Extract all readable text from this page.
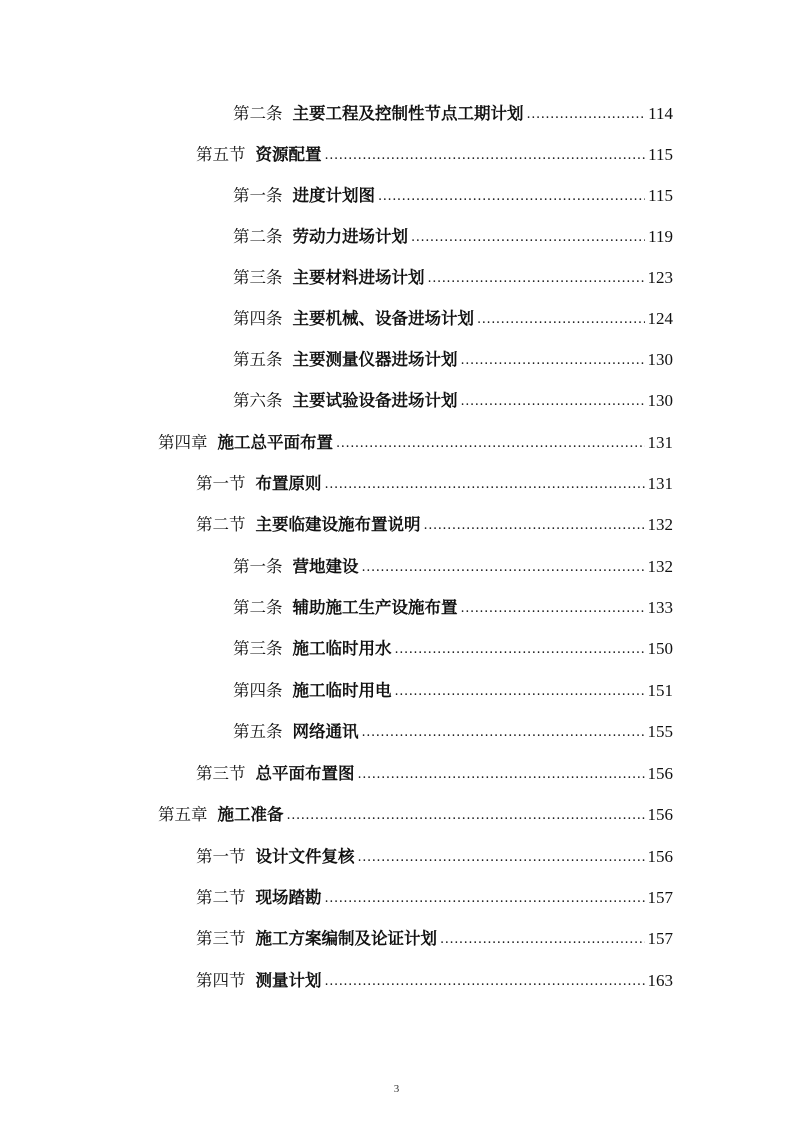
第二条 主要工程及控制性节点工期计划 .....	114
第五节 资源配置 .....	115
第一条 进度计划图 .....	115
第二条 劳动力进场计划 .....	119
第三条 主要材料进场计划 .....	123
第四条 主要机械、设备进场计划 .....	124
第五条 主要测量仪器进场计划 .....	130
第六条 主要试验设备进场计划 .....	130
第四章 施工总平面布置 .....	131
第一节 布置原则 .....	131
第二节 主要临建设施布置说明 .....	132
第一条 营地建设 .....	132
第二条 辅助施工生产设施布置 .....	133
第三条 施工临时用水 .....	150
第四条 施工临时用电 .....	151
第五条 网络通讯 .....	155
第三节 总平面布置图 .....	156
第五章 施工准备 .....	156
第一节 设计文件复核 .....	156
第二节 现场踏勘 .....	157
第三节 施工方案编制及论证计划 .....	157
第四节 测量计划 .....	163
3
